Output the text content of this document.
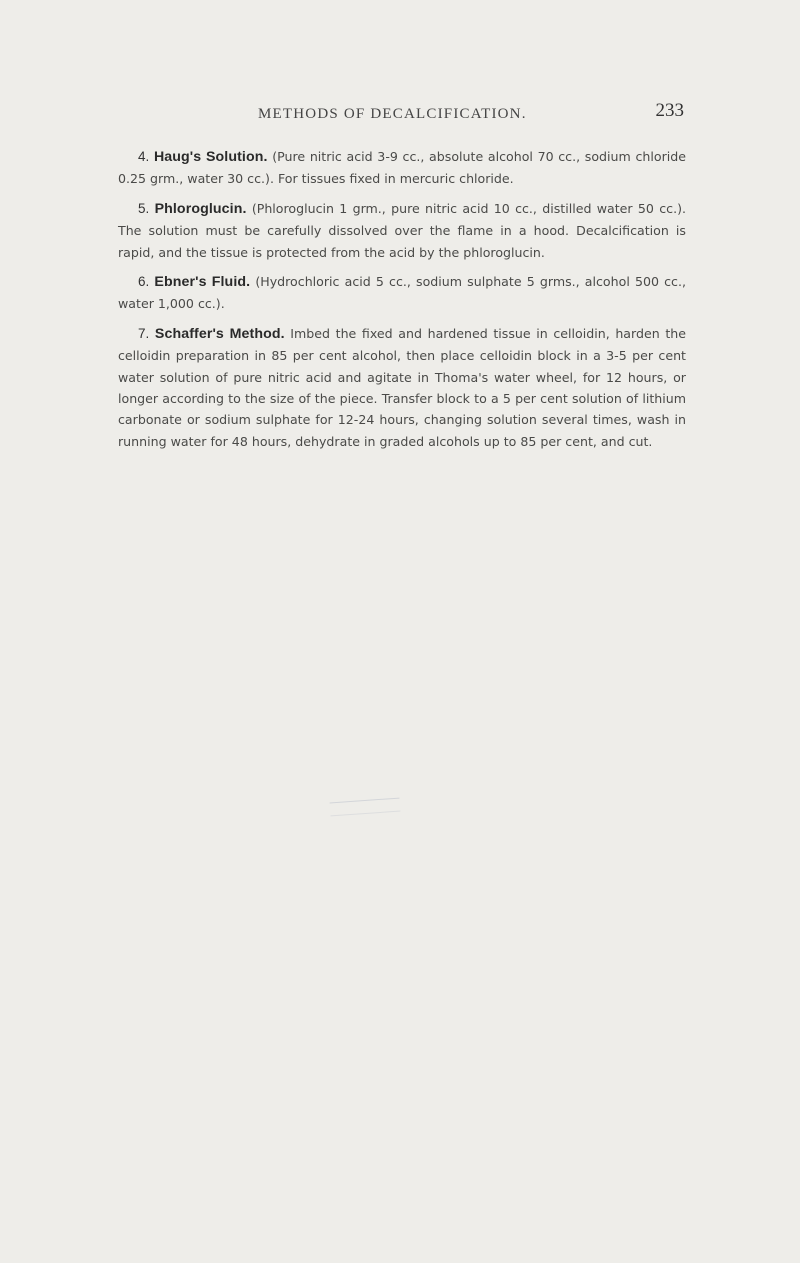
METHODS OF DECALCIFICATION.	233

4. Haug's Solution. (Pure nitric acid 3-9 cc., absolute alcohol 70 cc., sodium chloride 0.25 grm., water 30 cc.). For tissues fixed in mercuric chloride.

5. Phloroglucin. (Phloroglucin 1 grm., pure nitric acid 10 cc., distilled water 50 cc.). The solution must be carefully dissolved over the flame in a hood. Decalcification is rapid, and the tissue is protected from the acid by the phloroglucin.

6. Ebner's Fluid. (Hydrochloric acid 5 cc., sodium sulphate 5 grms., alcohol 500 cc., water 1,000 cc.).

7. Schaffer's Method. Imbed the fixed and hardened tissue in celloidin, harden the celloidin preparation in 85 per cent alcohol, then place celloidin block in a 3-5 per cent water solution of pure nitric acid and agitate in Thoma's water wheel, for 12 hours, or longer according to the size of the piece. Transfer block to a 5 per cent solution of lithium carbonate or sodium sulphate for 12-24 hours, changing solution several times, wash in running water for 48 hours, dehydrate in graded alcohols up to 85 per cent, and cut.
